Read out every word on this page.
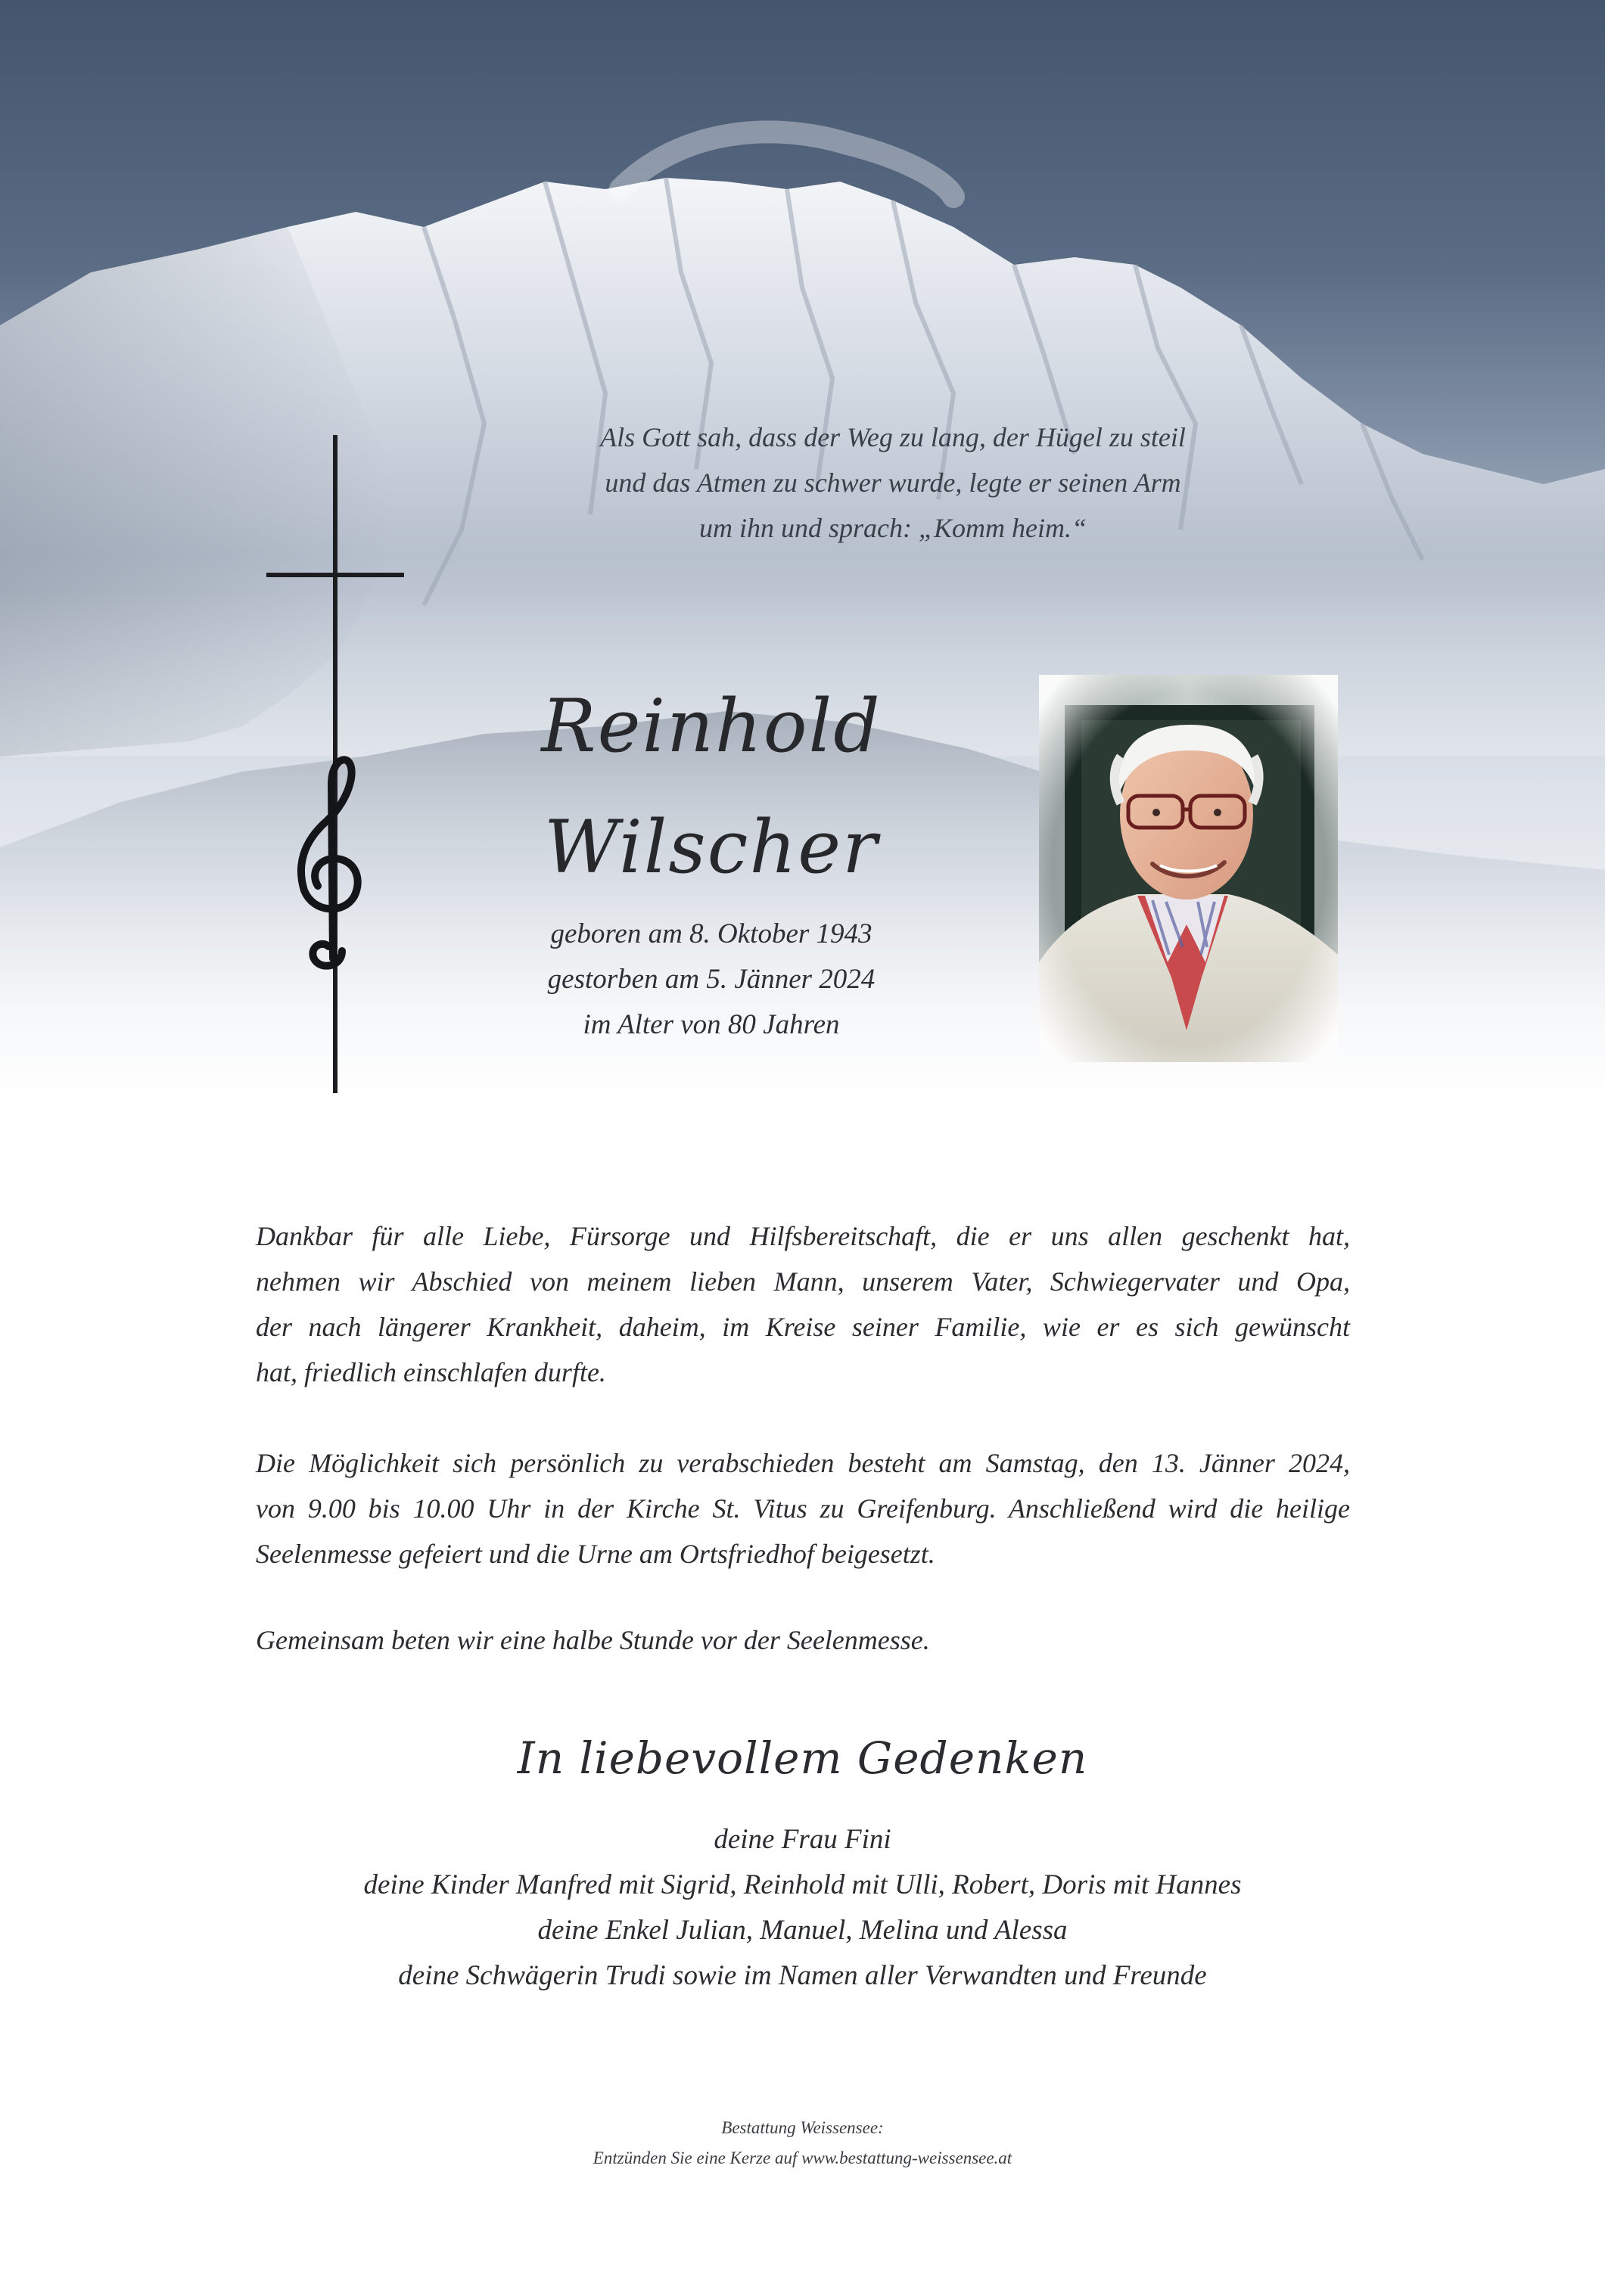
Als Gott sah, dass der Weg zu lang, der Hügel zu steil
und das Atmen zu schwer wurde, legte er seinen Arm
um ihn und sprach: „Komm heim.“
Reinhold
Wilscher
geboren am 8. Oktober 1943
gestorben am 5. Jänner 2024
im Alter von 80 Jahren
Dankbar für alle Liebe, Fürsorge und Hilfsbereitschaft, die er uns allen geschenkt hat,
nehmen wir Abschied von meinem lieben Mann, unserem Vater, Schwiegervater und Opa,
der nach längerer Krankheit, daheim, im Kreise seiner Familie, wie er es sich gewünscht
hat, friedlich einschlafen durfte.
Die Möglichkeit sich persönlich zu verabschieden besteht am Samstag, den 13. Jänner 2024,
von 9.00 bis 10.00 Uhr in der Kirche St. Vitus zu Greifenburg. Anschließend wird die heilige
Seelenmesse gefeiert und die Urne am Ortsfriedhof beigesetzt.
Gemeinsam beten wir eine halbe Stunde vor der Seelenmesse.
In liebevollem Gedenken
deine Frau Fini
deine Kinder Manfred mit Sigrid, Reinhold mit Ulli, Robert, Doris mit Hannes
deine Enkel Julian, Manuel, Melina und Alessa
deine Schwägerin Trudi sowie im Namen aller Verwandten und Freunde
Bestattung Weissensee:
Entzünden Sie eine Kerze auf www.bestattung-weissensee.at
